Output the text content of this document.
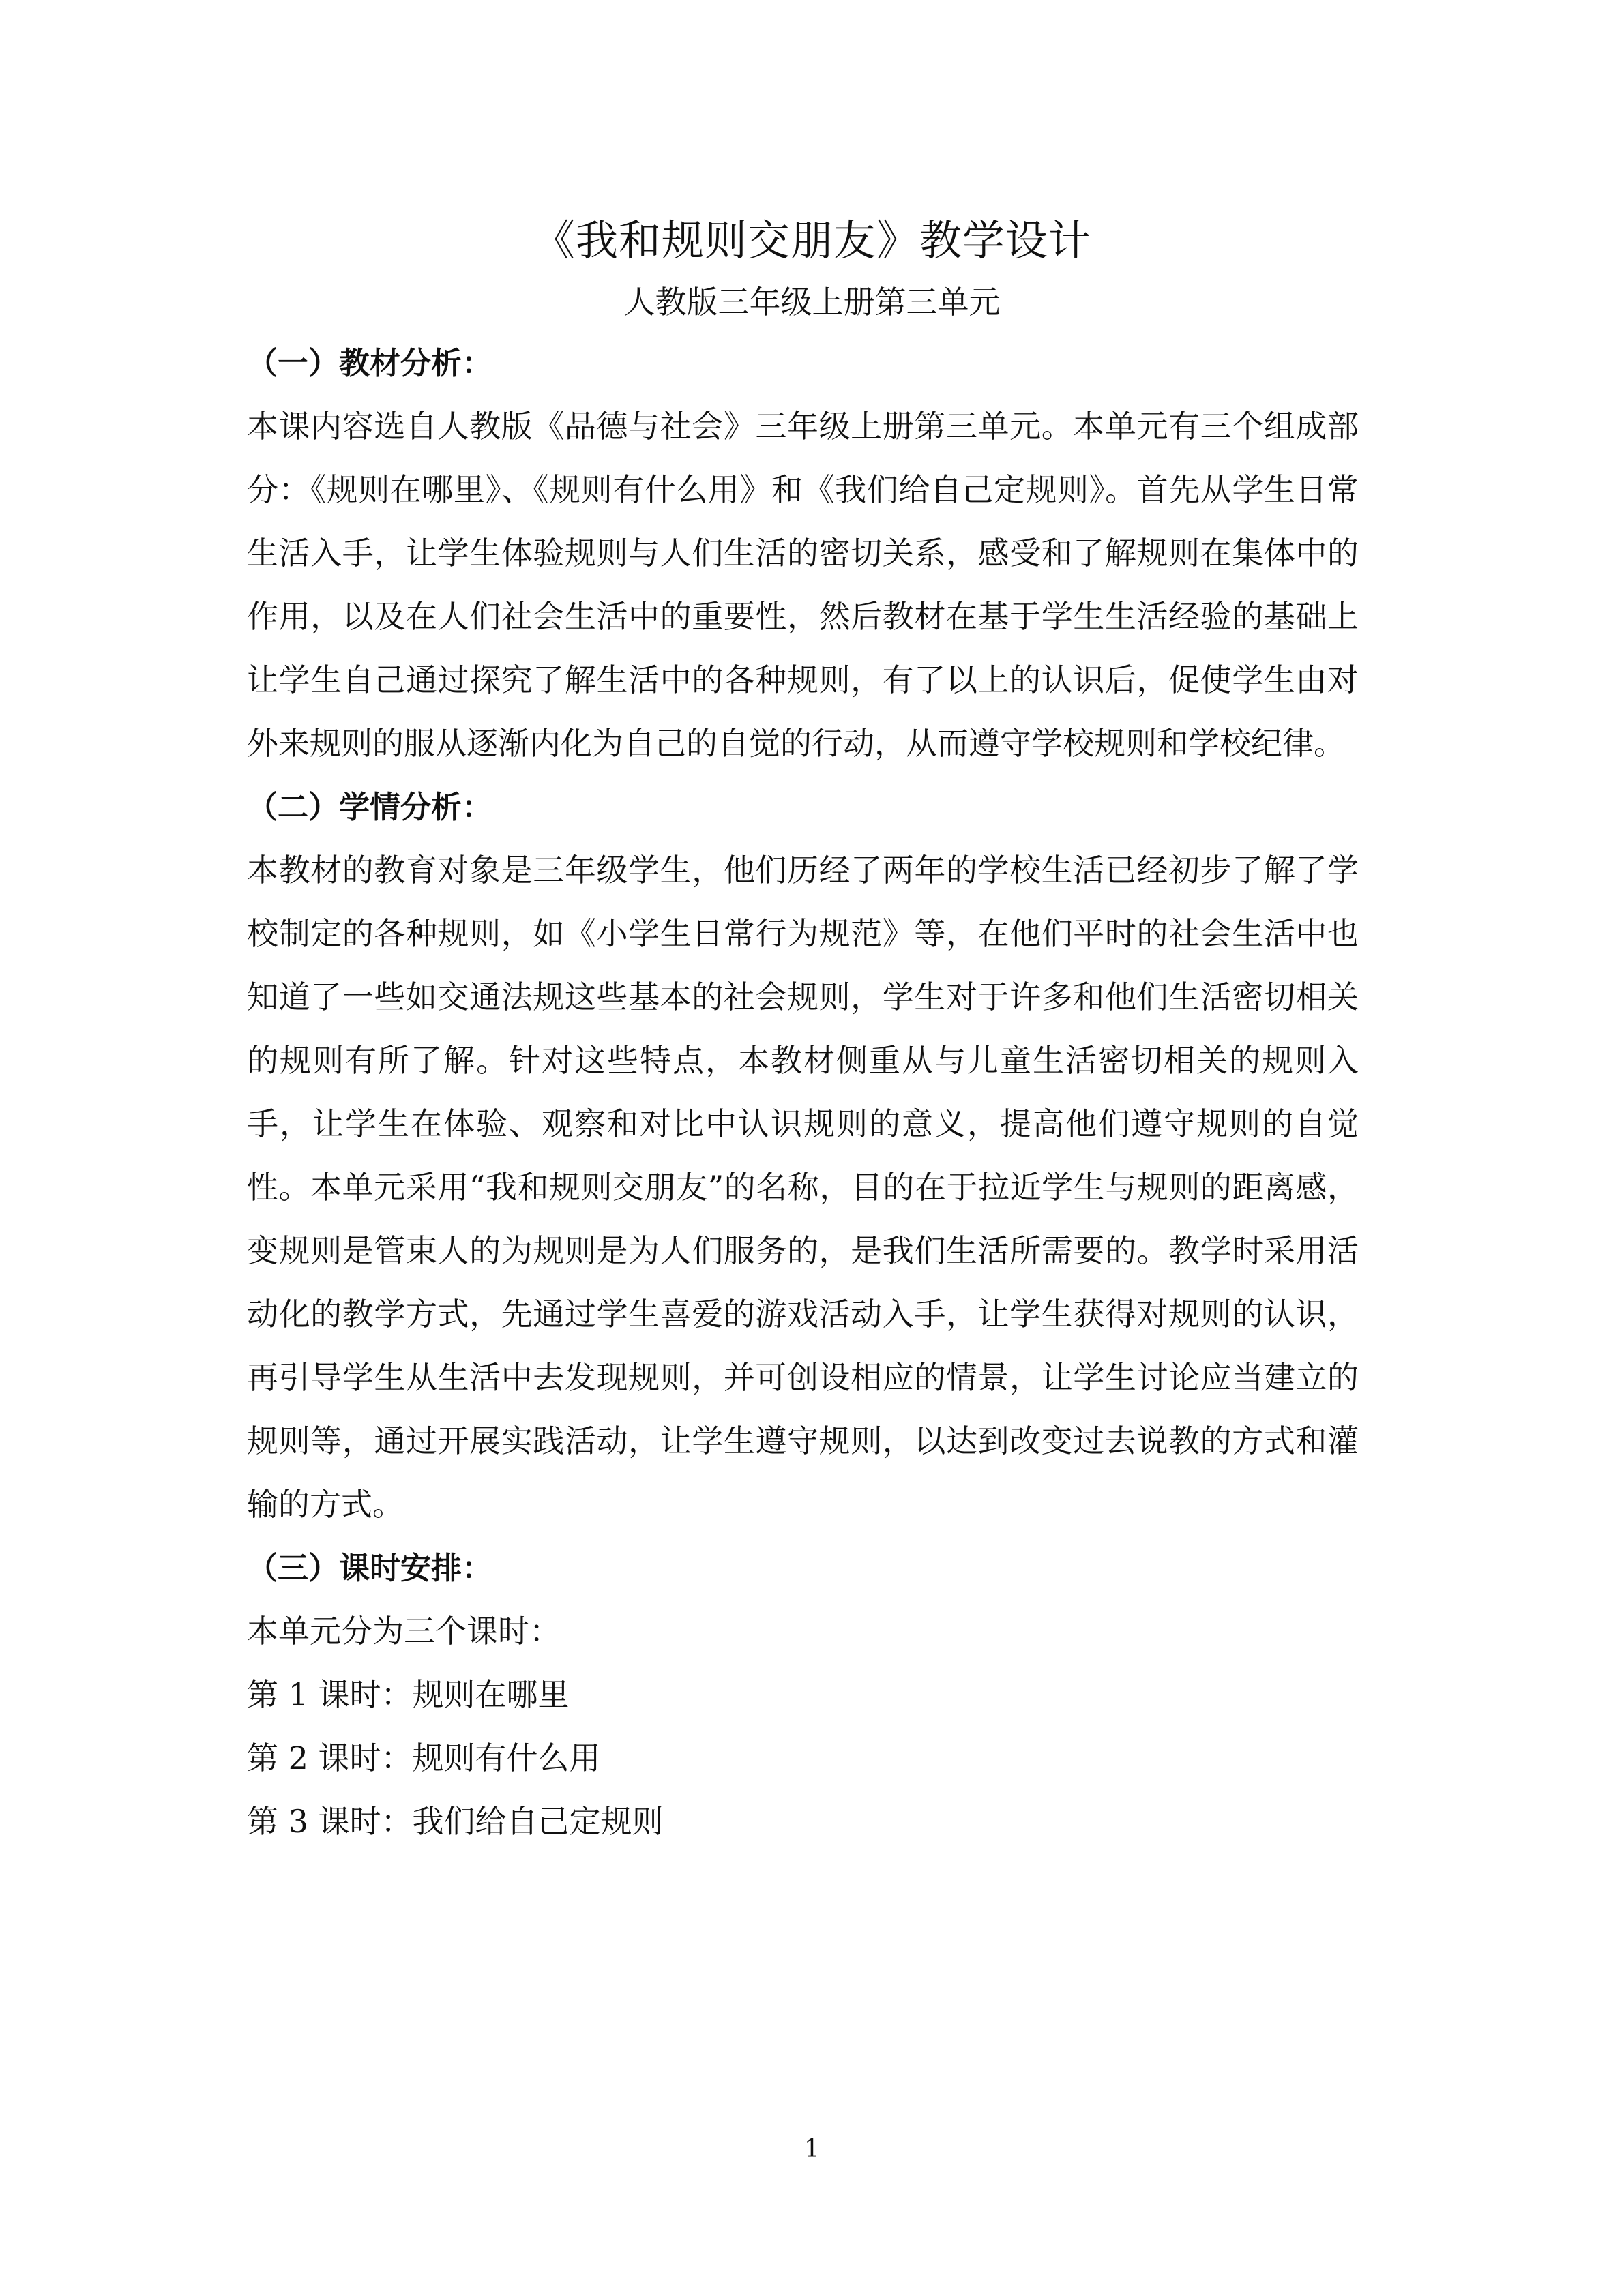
《我和规则交朋友》教学设计
人教版三年级上册第三单元
（一）教材分析：
本课内容选自人教版《品德与社会》三年级上册第三单元。本单元有三个组成部分：《规则在哪里》、《规则有什么用》和《我们给自己定规则》。首先从学生日常生活入手，让学生体验规则与人们生活的密切关系，感受和了解规则在集体中的作用，以及在人们社会生活中的重要性，然后教材在基于学生生活经验的基础上让学生自己通过探究了解生活中的各种规则，有了以上的认识后，促使学生由对外来规则的服从逐渐内化为自己的自觉的行动，从而遵守学校规则和学校纪律。
（二）学情分析：
本教材的教育对象是三年级学生，他们历经了两年的学校生活已经初步了解了学校制定的各种规则，如《小学生日常行为规范》等，在他们平时的社会生活中也知道了一些如交通法规这些基本的社会规则，学生对于许多和他们生活密切相关的规则有所了解。针对这些特点，本教材侧重从与儿童生活密切相关的规则入手，让学生在体验、观察和对比中认识规则的意义，提高他们遵守规则的自觉性。本单元采用“我和规则交朋友”的名称，目的在于拉近学生与规则的距离感，变规则是管束人的为规则是为人们服务的，是我们生活所需要的。教学时采用活动化的教学方式，先通过学生喜爱的游戏活动入手，让学生获得对规则的认识，再引导学生从生活中去发现规则，并可创设相应的情景，让学生讨论应当建立的规则等，通过开展实践活动，让学生遵守规则，以达到改变过去说教的方式和灌输的方式。
（三）课时安排：
本单元分为三个课时：
第 1 课时：规则在哪里
第 2 课时：规则有什么用
第 3 课时：我们给自己定规则
1
